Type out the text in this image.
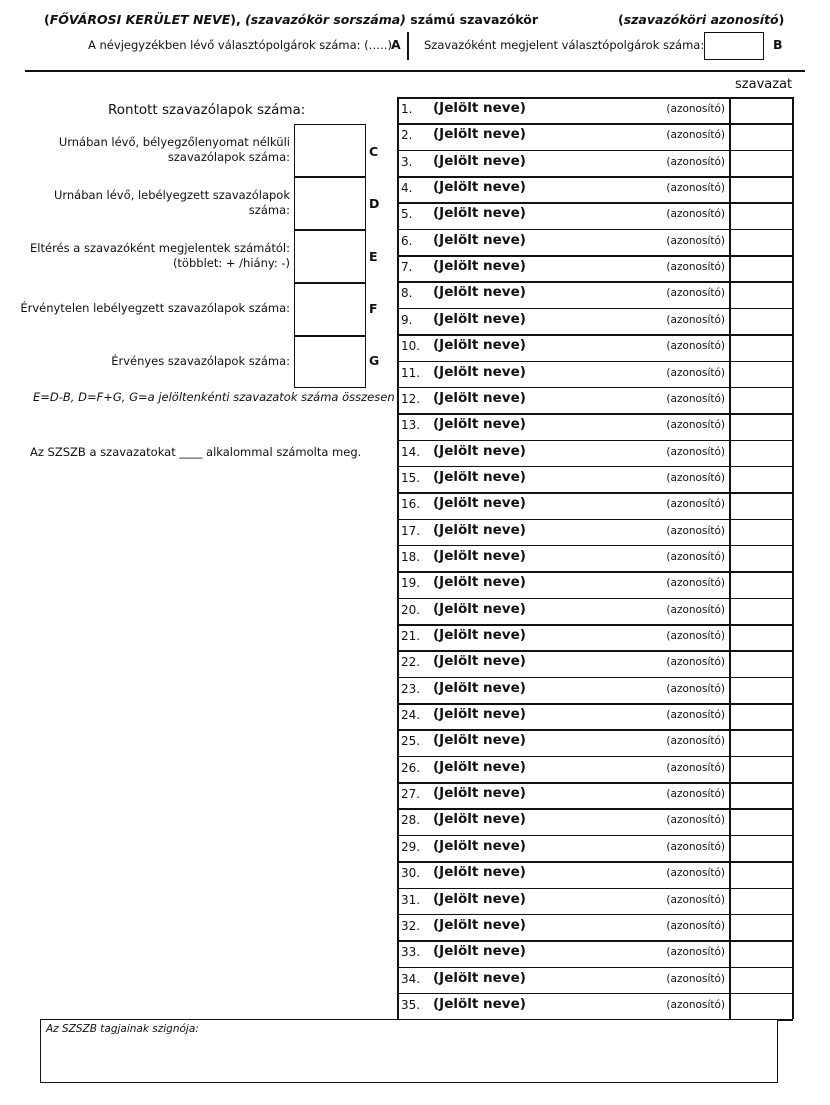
(FŐVÁROSI KERÜLET NEVE), (szavazókör sorszáma) számú szavazókör	(szavazóköri azonosító)
A névjegyzékben lévő választópolgárok száma: (…..) A Szavazóként megjelent választópolgárok száma:	B
Rontott szavazólapok száma:
Urnában lévő, bélyegzőlenyomat nélküli szavazólapok száma:	C
Urnában lévő, lebélyegzett szavazólapok száma:	D
Eltérés a szavazóként megjelentek számától: (többlet: + /hiány: -)	E
Érvénytelen lebélyegzett szavazólapok száma:	F
Érvényes szavazólapok száma:	G
E=D-B, D=F+G, G=a jelöltenkénti szavazatok száma összesen
Az SZSZB a szavazatokat ____ alkalommal számolta meg.
szavazat
1. (Jelölt neve)	(azonosító)
2. (Jelölt neve)	(azonosító)
3. (Jelölt neve)	(azonosító)
4. (Jelölt neve)	(azonosító)
5. (Jelölt neve)	(azonosító)
6. (Jelölt neve)	(azonosító)
7. (Jelölt neve)	(azonosító)
8. (Jelölt neve)	(azonosító)
9. (Jelölt neve)	(azonosító)
10. (Jelölt neve)	(azonosító)
11. (Jelölt neve)	(azonosító)
12. (Jelölt neve)	(azonosító)
13. (Jelölt neve)	(azonosító)
14. (Jelölt neve)	(azonosító)
15. (Jelölt neve)	(azonosító)
16. (Jelölt neve)	(azonosító)
17. (Jelölt neve)	(azonosító)
18. (Jelölt neve)	(azonosító)
19. (Jelölt neve)	(azonosító)
20. (Jelölt neve)	(azonosító)
21. (Jelölt neve)	(azonosító)
22. (Jelölt neve)	(azonosító)
23. (Jelölt neve)	(azonosító)
24. (Jelölt neve)	(azonosító)
25. (Jelölt neve)	(azonosító)
26. (Jelölt neve)	(azonosító)
27. (Jelölt neve)	(azonosító)
28. (Jelölt neve)	(azonosító)
29. (Jelölt neve)	(azonosító)
30. (Jelölt neve)	(azonosító)
31. (Jelölt neve)	(azonosító)
32. (Jelölt neve)	(azonosító)
33. (Jelölt neve)	(azonosító)
34. (Jelölt neve)	(azonosító)
35. (Jelölt neve)	(azonosító)
Az SZSZB tagjainak szignója:
